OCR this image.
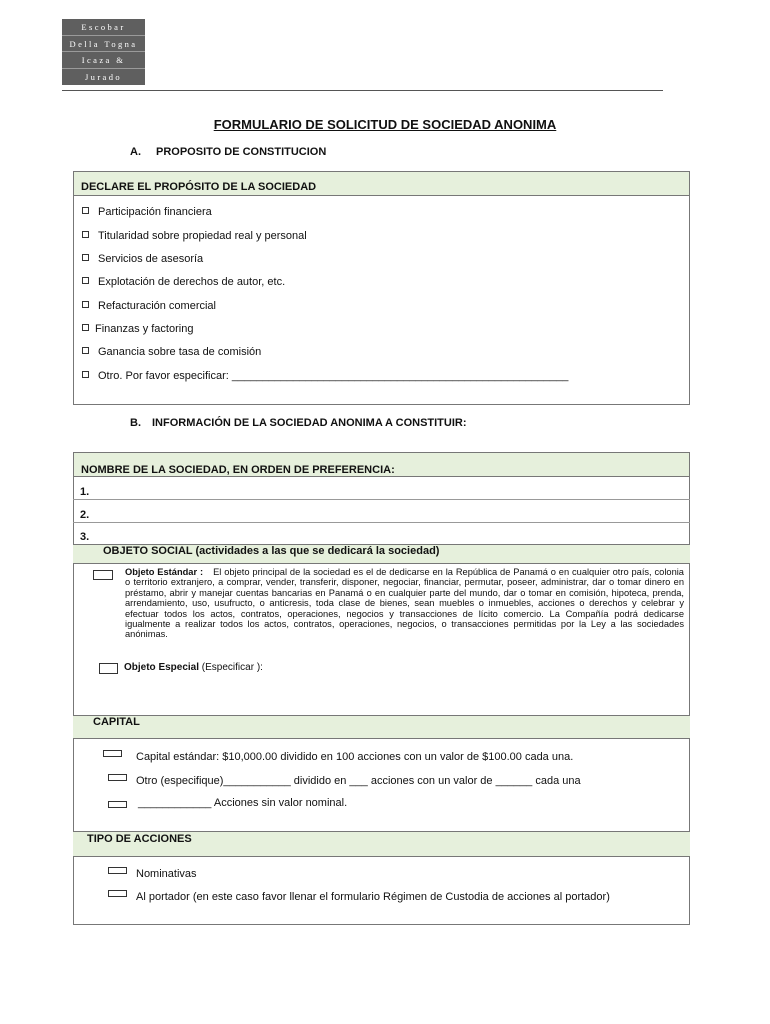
Escobar
Della Togna
Icaza &
Jurado
FORMULARIO DE SOLICITUD DE SOCIEDAD ANONIMA
A. PROPOSITO DE CONSTITUCION
DECLARE EL PROPÓSITO DE LA SOCIEDAD
Participación financiera
Titularidad sobre propiedad real y personal
Servicios de asesoría
Explotación de derechos de autor, etc.
Refacturación comercial
Finanzas y factoring
Ganancia sobre tasa de comisión
Otro. Por favor especificar: _______________________________________________________
B. INFORMACIÓN DE LA SOCIEDAD ANONIMA A CONSTITUIR:
NOMBRE DE LA SOCIEDAD, EN ORDEN DE PREFERENCIA:
1.
2.
3.
OBJETO SOCIAL (actividades a las que se dedicará la sociedad)
Objeto Estándar : El objeto principal de la sociedad es el de dedicarse en la República de Panamá o en cualquier otro país, colonia o territorio extranjero, a comprar, vender, transferir, disponer, negociar, financiar, permutar, poseer, administrar, dar o tomar dinero en préstamo, abrir y manejar cuentas bancarias en Panamá o en cualquier parte del mundo, dar o tomar en comisión, hipoteca, prenda, arrendamiento, uso, usufructo, o anticresis, toda clase de bienes, sean muebles o inmuebles, acciones o derechos y celebrar y efectuar todos los actos, contratos, operaciones, negocios y transacciones de lícito comercio. La Compañía podrá dedicarse igualmente a realizar todos los actos, contratos, operaciones, negocios, o transacciones permitidas por la Ley a las sociedades anónimas.
Objeto Especial (Especificar ):
CAPITAL
Capital estándar: $10,000.00 dividido en 100 acciones con un valor de $100.00 cada una.
Otro (especifique)___________ dividido en ___ acciones con un valor de ______ cada una
____________ Acciones sin valor nominal.
TIPO DE ACCIONES
Nominativas
Al portador (en este caso favor llenar el formulario Régimen de Custodia de acciones al portador)
